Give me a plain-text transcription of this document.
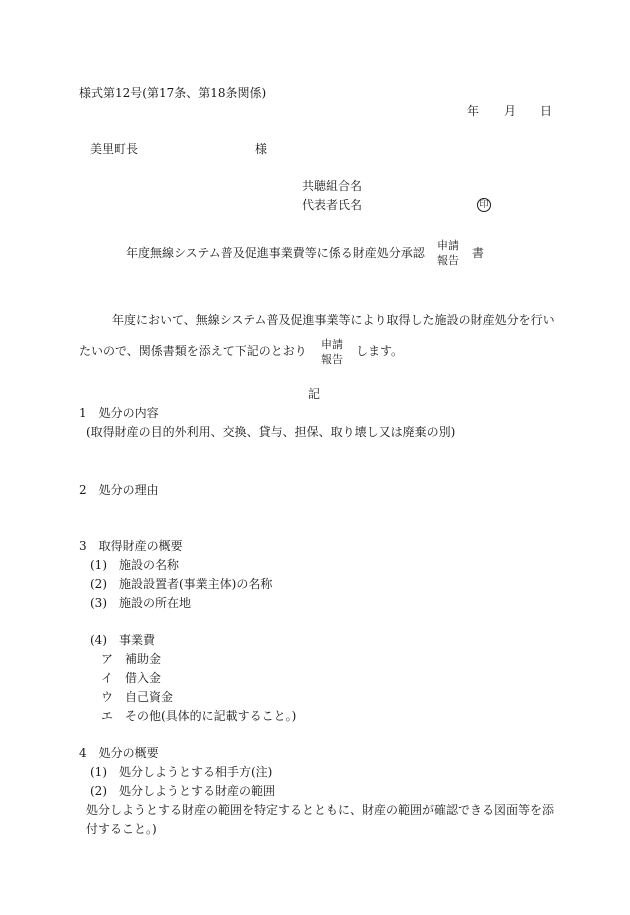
様式第12号(第17条、第18条関係)
年 月 日
美里町長	様
共聴組合名
代表者氏名	印
年度無線システム普及促進事業費等に係る財産処分承認
申請
報告
書
年度において、無線システム普及促進事業等により取得した施設の財産処分を行い
たいので、関係書類を添えて下記のとおり 申請
報告
します。
記
1　処分の内容
(取得財産の目的外利用、交換、貸与、担保、取り壊し又は廃棄の別)
2　処分の理由
3　取得財産の概要
(1)　施設の名称
(2)　施設設置者(事業主体)の名称
(3)　施設の所在地
(4)　事業費
ア　補助金
イ　借入金
ウ　自己資金
エ　その他(具体的に記載すること。)
4　処分の概要
(1)　処分しようとする相手方(注)
(2)　処分しようとする財産の範囲
処分しようとする財産の範囲を特定するとともに、財産の範囲が確認できる図面等を添
付すること。)
